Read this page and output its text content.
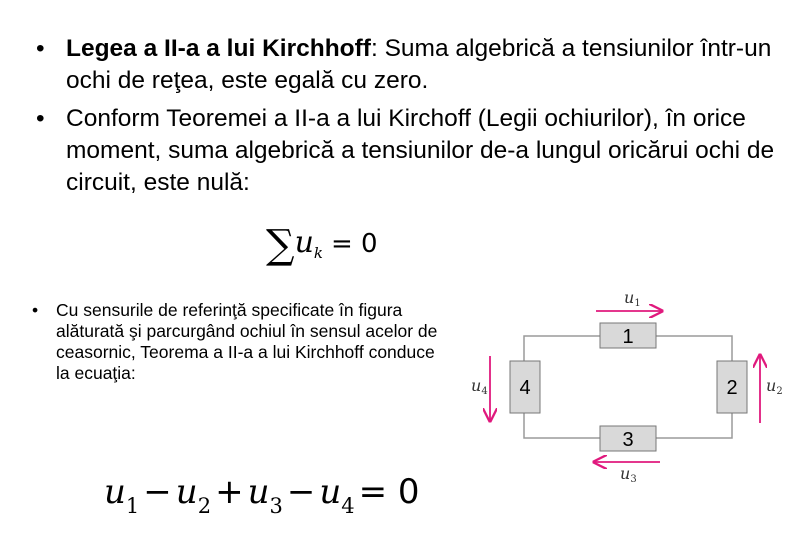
• Legea a II-a a lui Kirchhoff: Suma algebrică a tensiunilor într-un ochi de reţea, este egală cu zero.
• Conform Teoremei a II-a a lui Kirchoff (Legii ochiurilor), în orice moment, suma algebrică a tensiunilor de-a lungul oricărui ochi de circuit, este nulă:
$\sum u_k = 0$
•	Cu sensurile de referinţă specificate în figura alăturată şi parcurgând ochiul în sensul acelor de ceasornic, Teorema a II-a a lui Kirchhoff conduce la ecuaţia:
$u_1 - u_2 + u_3 - u_4 = 0$
1
2
3
4
u1
u2
u3
u4
